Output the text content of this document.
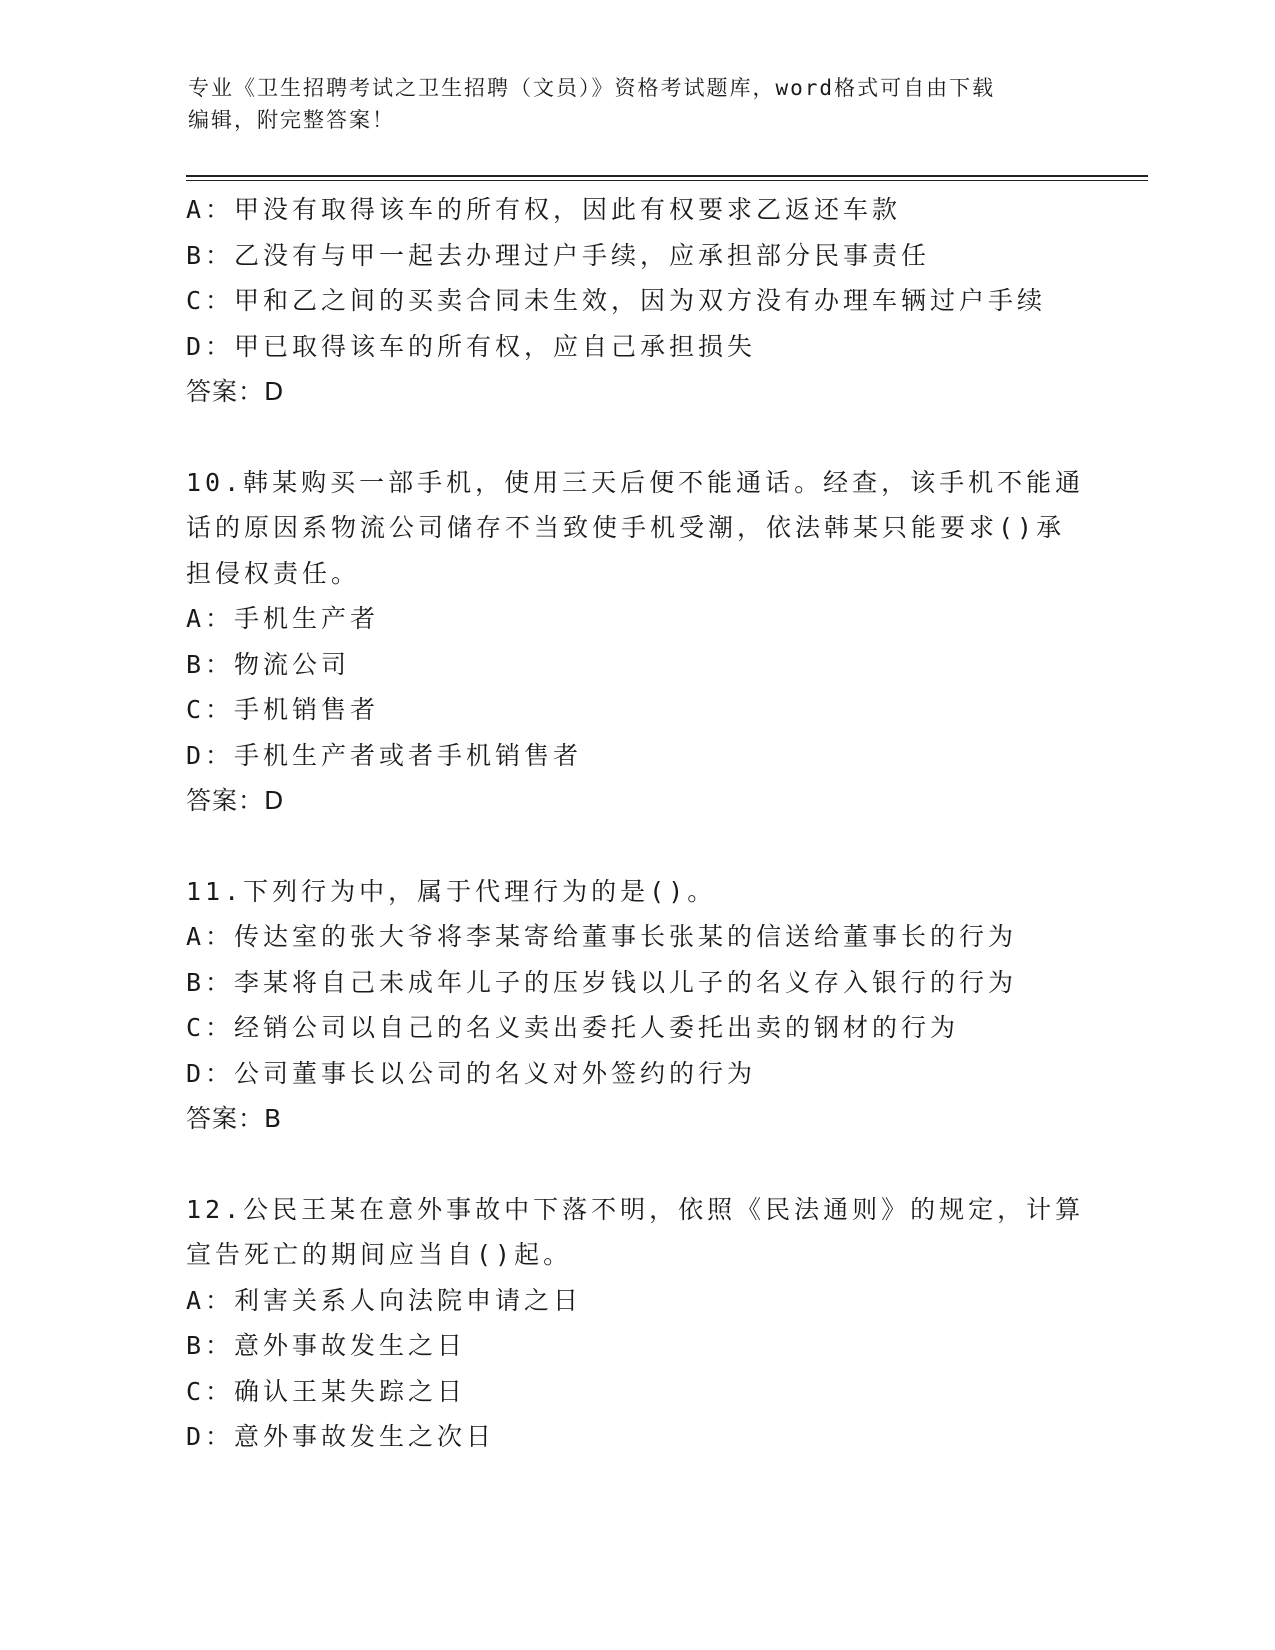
专业《卫生招聘考试之卫生招聘（文员）》资格考试题库，word格式可自由下载
编辑，附完整答案！
A：甲没有取得该车的所有权，因此有权要求乙返还车款
B：乙没有与甲一起去办理过户手续，应承担部分民事责任
C：甲和乙之间的买卖合同未生效，因为双方没有办理车辆过户手续
D：甲已取得该车的所有权，应自己承担损失
答案：D
10.韩某购买一部手机，使用三天后便不能通话。经查，该手机不能通
话的原因系物流公司储存不当致使手机受潮，依法韩某只能要求()承
担侵权责任。
A：手机生产者
B：物流公司
C：手机销售者
D：手机生产者或者手机销售者
答案：D
11.下列行为中，属于代理行为的是()。
A：传达室的张大爷将李某寄给董事长张某的信送给董事长的行为
B：李某将自己未成年儿子的压岁钱以儿子的名义存入银行的行为
C：经销公司以自己的名义卖出委托人委托出卖的钢材的行为
D：公司董事长以公司的名义对外签约的行为
答案：B
12.公民王某在意外事故中下落不明，依照《民法通则》的规定，计算
宣告死亡的期间应当自()起。
A：利害关系人向法院申请之日
B：意外事故发生之日
C：确认王某失踪之日
D：意外事故发生之次日
